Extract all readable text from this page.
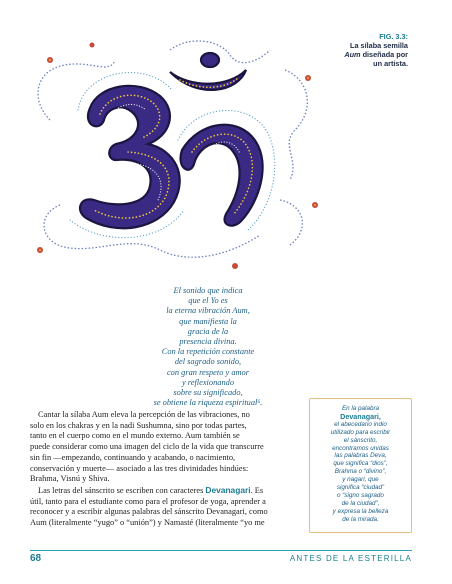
FIG. 3.3:
La sílaba semilla
Aum diseñada por
un artista.
El sonido que indica
que el Yo es
la eterna vibración Aum,
que manifiesta la
gracia de la
presencia divina.
Con la repetición constante
del sagrado sonido,
con gran respeto y amor
y reflexionando
sobre su significado,
se obtiene la riqueza espiritual⁶.
Cantar la sílaba Aum eleva la percepción de las vibraciones, no
solo en los chakras y en la nadi Sushumna, sino por todas partes,
tanto en el cuerpo como en el mundo externo. Aum también se
puede considerar como una imagen del ciclo de la vida que transcurre
sin fin —empezando, continuando y acabando, o nacimiento,
conservación y muerte— asociado a las tres divinidades hindúes:
Brahma, Visnú y Shiva.
Las letras del sánscrito se escriben con caracteres Devanagari. Es
útil, tanto para el estudiante como para el profesor de yoga, aprender a
reconocer y a escribir algunas palabras del sánscrito Devanagari, como
Aum (literalmente “yugo” o “unión”) y Namasté (literalmente “yo me
En la palabra
Devanagari,
el abecedario indio
utilizado para escribir
el sánscrito,
encontramos unidas
las palabras Deva,
que significa “dios”,
Brahma o “divino”,
y nagari, que
significa “ciudad”
o “signo sagrado
de la ciudad”,
y expresa la belleza
de la mirada.
68	ANTES DE LA ESTERILLA
